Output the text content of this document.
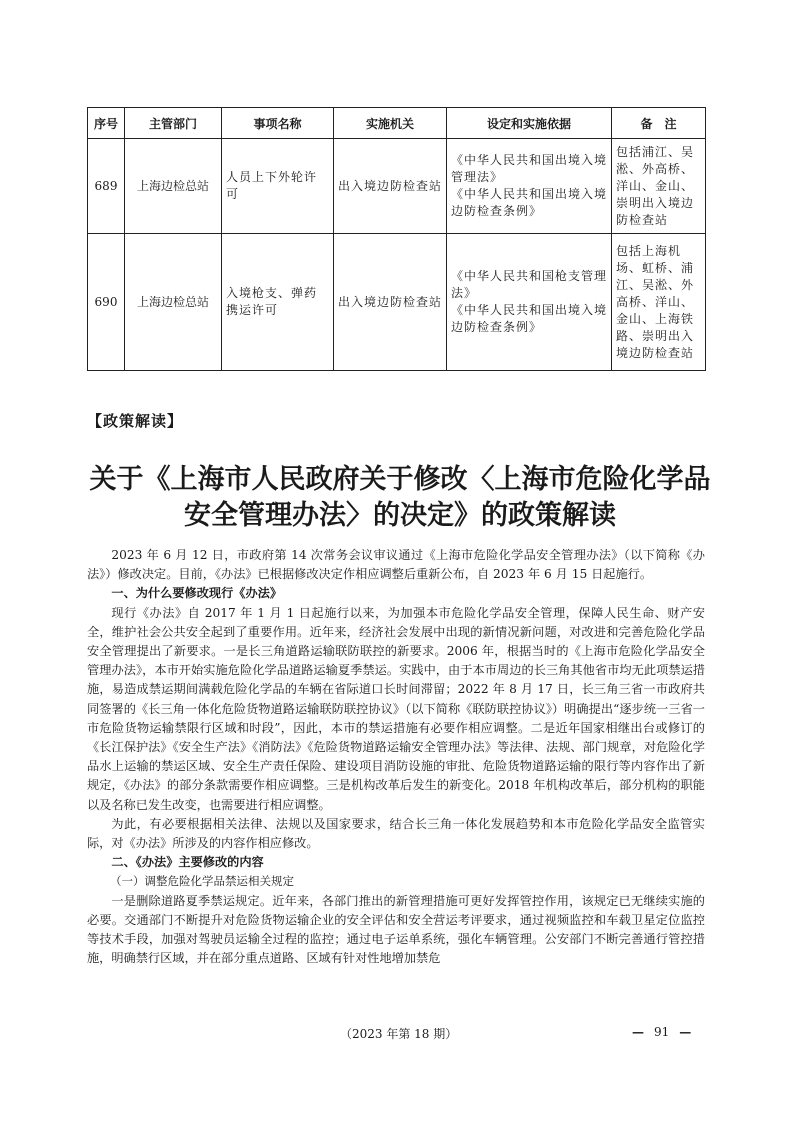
序号	主管部门	事项名称	实施机关	设定和实施依据	备　注
689	上海边检总站	人员上下外轮许可	出入境边防检查站	《中华人民共和国出境入境管理法》
《中华人民共和国出境入境边防检查条例》	包括浦江、吴淞、外高桥、洋山、金山、崇明出入境边防检查站
690	上海边检总站	入境枪支、弹药携运许可	出入境边防检查站	《中华人民共和国枪支管理法》
《中华人民共和国出境入境边防检查条例》	包括上海机场、虹桥、浦江、吴淞、外高桥、洋山、金山、上海铁路、崇明出入境边防检查站
【政策解读】
关于《上海市人民政府关于修改〈上海市危险化学品
安全管理办法〉的决定》的政策解读

2023 年 6 月 12 日，市政府第 14 次常务会议审议通过《上海市危险化学品安全管理办法》（以下简称《办法》）修改决定。目前，《办法》已根据修改决定作相应调整后重新公布，自 2023 年 6 月 15 日起施行。

一、为什么要修改现行《办法》

现行《办法》自 2017 年 1 月 1 日起施行以来，为加强本市危险化学品安全管理，保障人民生命、财产安全，维护社会公共安全起到了重要作用。近年来，经济社会发展中出现的新情况新问题，对改进和完善危险化学品安全管理提出了新要求。一是长三角道路运输联防联控的新要求。2006 年，根据当时的《上海市危险化学品安全管理办法》，本市开始实施危险化学品道路运输夏季禁运。实践中，由于本市周边的长三角其他省市均无此项禁运措施，易造成禁运期间满载危险化学品的车辆在省际道口长时间滞留；2022 年 8 月 17 日，长三角三省一市政府共同签署的《长三角一体化危险货物道路运输联防联控协议》（以下简称《联防联控协议》）明确提出“逐步统一三省一市危险货物运输禁限行区域和时段”，因此，本市的禁运措施有必要作相应调整。二是近年国家相继出台或修订的《长江保护法》《安全生产法》《消防法》《危险货物道路运输安全管理办法》等法律、法规、部门规章，对危险化学品水上运输的禁运区域、安全生产责任保险、建设项目消防设施的审批、危险货物道路运输的限行等内容作出了新规定，《办法》的部分条款需要作相应调整。三是机构改革后发生的新变化。2018 年机构改革后，部分机构的职能以及名称已发生改变，也需要进行相应调整。

为此，有必要根据相关法律、法规以及国家要求，结合长三角一体化发展趋势和本市危险化学品安全监管实际，对《办法》所涉及的内容作相应修改。

二、《办法》主要修改的内容

（一）调整危险化学品禁运相关规定

一是删除道路夏季禁运规定。近年来，各部门推出的新管理措施可更好发挥管控作用，该规定已无继续实施的必要。交通部门不断提升对危险货物运输企业的安全评估和安全营运考评要求，通过视频监控和车载卫星定位监控等技术手段，加强对驾驶员运输全过程的监控；通过电子运单系统，强化车辆管理。公安部门不断完善通行管控措施，明确禁行区域，并在部分重点道路、区域有针对性地增加禁危

（2023 年第 18 期）	— 91 —
